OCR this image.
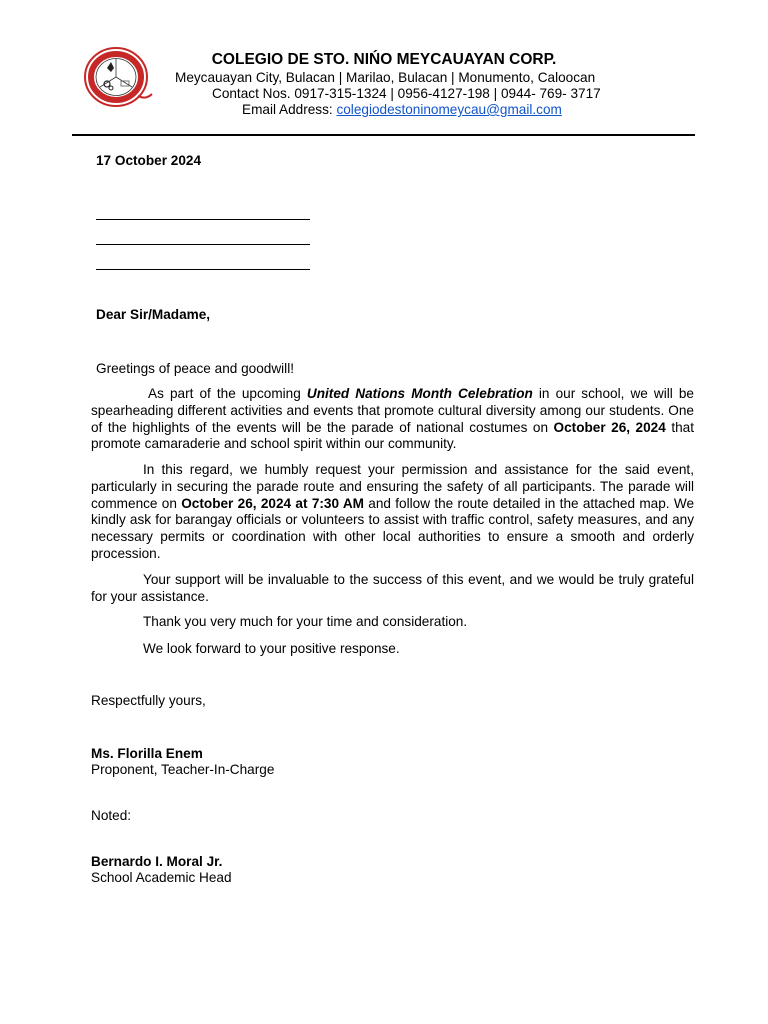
COLEGIO DE STO. NIŃO MEYCAUAYAN CORP.
Meycauayan City, Bulacan | Marilao, Bulacan | Monumento, Caloocan
Contact Nos. 0917-315-1324 | 0956-4127-198 | 0944- 769- 3717
Email Address: colegiodestoninomeycau@gmail.com
17 October 2024
Dear Sir/Madame,
Greetings of peace and goodwill!
As part of the upcoming United Nations Month Celebration in our school, we will be spearheading different activities and events that promote cultural diversity among our students. One of the highlights of the events will be the parade of national costumes on October 26, 2024 that promote camaraderie and school spirit within our community.
In this regard, we humbly request your permission and assistance for the said event, particularly in securing the parade route and ensuring the safety of all participants. The parade will commence on October 26, 2024 at 7:30 AM and follow the route detailed in the attached map. We kindly ask for barangay officials or volunteers to assist with traffic control, safety measures, and any necessary permits or coordination with other local authorities to ensure a smooth and orderly procession.
Your support will be invaluable to the success of this event, and we would be truly grateful for your assistance.
Thank you very much for your time and consideration.
We look forward to your positive response.
Respectfully yours,
Ms. Florilla Enem
Proponent, Teacher-In-Charge
Noted:
Bernardo I. Moral Jr.
School Academic Head
